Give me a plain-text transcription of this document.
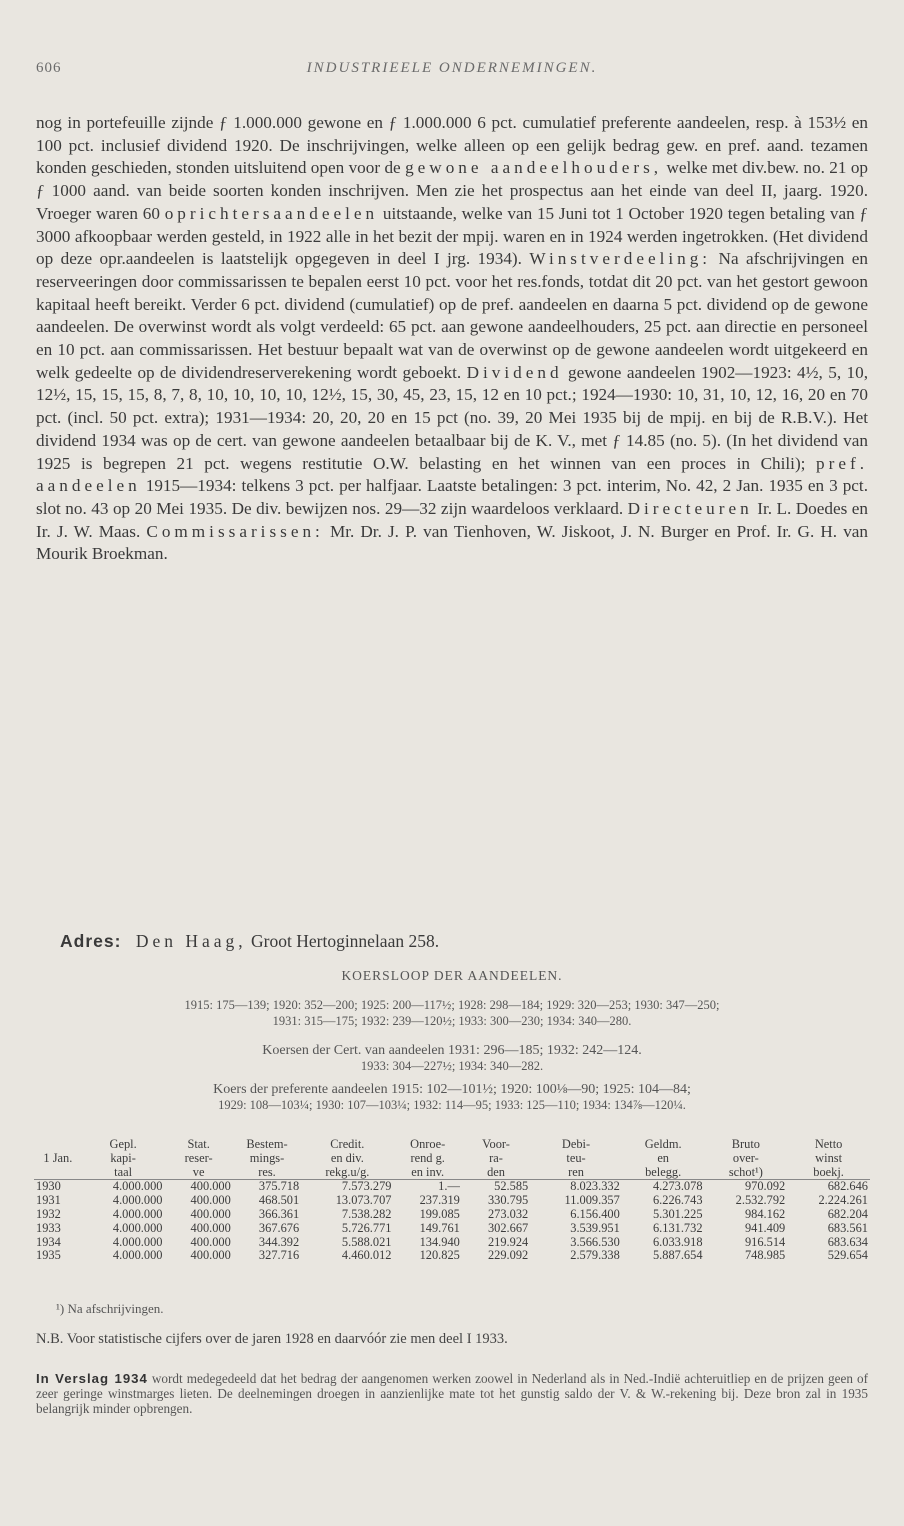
606	INDUSTRIEELE ONDERNEMINGEN.

nog in portefeuille zijnde ƒ 1.000.000 gewone en ƒ 1.000.000 6 pct. cumulatief preferente aandeelen, resp. à 153½ en 100 pct. inclusief dividend 1920. De inschrijvingen, welke alleen op een gelijk bedrag gew. en pref. aand. tezamen konden geschieden, stonden uitsluitend open voor de gewone aandeelhouders, welke met div.bew. no. 21 op ƒ 1000 aand. van beide soorten konden inschrijven. Men zie het prospectus aan het einde van deel II, jaarg. 1920. Vroeger waren 60 oprichtersaandeelen uitstaande, welke van 15 Juni tot 1 October 1920 tegen betaling van ƒ 3000 afkoopbaar werden gesteld, in 1922 alle in het bezit der mpij. waren en in 1924 werden ingetrokken. (Het dividend op deze opr.aandeelen is laatstelijk opgegeven in deel I jrg. 1934). Winstverdeeling: Na afschrijvingen en reserveeringen door commissarissen te bepalen eerst 10 pct. voor het res.fonds, totdat dit 20 pct. van het gestort gewoon kapitaal heeft bereikt. Verder 6 pct. dividend (cumulatief) op de pref. aandeelen en daarna 5 pct. dividend op de gewone aandeelen. De overwinst wordt als volgt verdeeld: 65 pct. aan gewone aandeelhouders, 25 pct. aan directie en personeel en 10 pct. aan commissarissen. Het bestuur bepaalt wat van de overwinst op de gewone aandeelen wordt uitgekeerd en welk gedeelte op de dividendreserverekening wordt geboekt. Dividend gewone aandeelen 1902—1923: 4½, 5, 10, 12½, 15, 15, 15, 8, 7, 8, 10, 10, 10, 10, 12½, 15, 30, 45, 23, 15, 12 en 10 pct.; 1924—1930: 10, 31, 10, 12, 16, 20 en 70 pct. (incl. 50 pct. extra); 1931—1934: 20, 20, 20 en 15 pct (no. 39, 20 Mei 1935 bij de mpij. en bij de R.B.V.). Het dividend 1934 was op de cert. van gewone aandeelen betaalbaar bij de K. V., met ƒ 14.85 (no. 5). (In het dividend van 1925 is begrepen 21 pct. wegens restitutie O.W. belasting en het winnen van een proces in Chili); pref. aandeelen 1915—1934: telkens 3 pct. per halfjaar. Laatste betalingen: 3 pct. interim, No. 42, 2 Jan. 1935 en 3 pct. slot no. 43 op 20 Mei 1935. De div. bewijzen nos. 29—32 zijn waardeloos verklaard. Directeuren Ir. L. Doedes en Ir. J. W. Maas. Commissarissen: Mr. Dr. J. P. van Tienhoven, W. Jiskoot, J. N. Burger en Prof. Ir. G. H. van Mourik Broekman.

Adres: Den Haag, Groot Hertoginnelaan 258.
KOERSLOOP DER AANDEELEN.
1915: 175—139; 1920: 352—200; 1925: 200—117½; 1928: 298—184; 1929: 320—253; 1930: 347—250;
1931: 315—175; 1932: 239—120½; 1933: 300—230; 1934: 340—280.
Koersen der Cert. van aandeelen 1931: 296—185; 1932: 242—124.
1933: 304—227½; 1934: 340—282.
Koers der preferente aandeelen 1915: 102—101½; 1920: 100⅛—90; 1925: 104—84;
1929: 108—103¼; 1930: 107—103¼; 1932: 114—95; 1933: 125—110; 1934: 134⅞—120¼.
	Gepl.	Stat.	Bestem-	Credit.	Onroe-	Voor-	Debi-	Geldm.	Bruto	Netto
1 Jan.	kapi-	reser-	mings-	en div.	rend g.	ra-	teu-	en	over-	winst
	taal	ve	res.	rekg.u/g.	en inv.	den	ren	belegg.	schot¹)	boekj.
1930	4.000.000	400.000	375.718	7.573.279	1.—	52.585	8.023.332	4.273.078	970.092	682.646
1931	4.000.000	400.000	468.501	13.073.707	237.319	330.795	11.009.357	6.226.743	2.532.792	2.224.261
1932	4.000.000	400.000	366.361	7.538.282	199.085	273.032	6.156.400	5.301.225	984.162	682.204
1933	4.000.000	400.000	367.676	5.726.771	149.761	302.667	3.539.951	6.131.732	941.409	683.561
1934	4.000.000	400.000	344.392	5.588.021	134.940	219.924	3.566.530	6.033.918	916.514	683.634
1935	4.000.000	400.000	327.716	4.460.012	120.825	229.092	2.579.338	5.887.654	748.985	529.654
¹) Na afschrijvingen.
N.B. Voor statistische cijfers over de jaren 1928 en daarvóór zie men deel I 1933.
In Verslag 1934 wordt medegedeeld dat het bedrag der aangenomen werken zoowel in Nederland als in Ned.-Indië achteruitliep en de prijzen geen of zeer geringe winstmarges lieten. De deelnemingen droegen in aanzienlijke mate tot het gunstig saldo der V. & W.-rekening bij. Deze bron zal in 1935 belangrijk minder opbrengen.
